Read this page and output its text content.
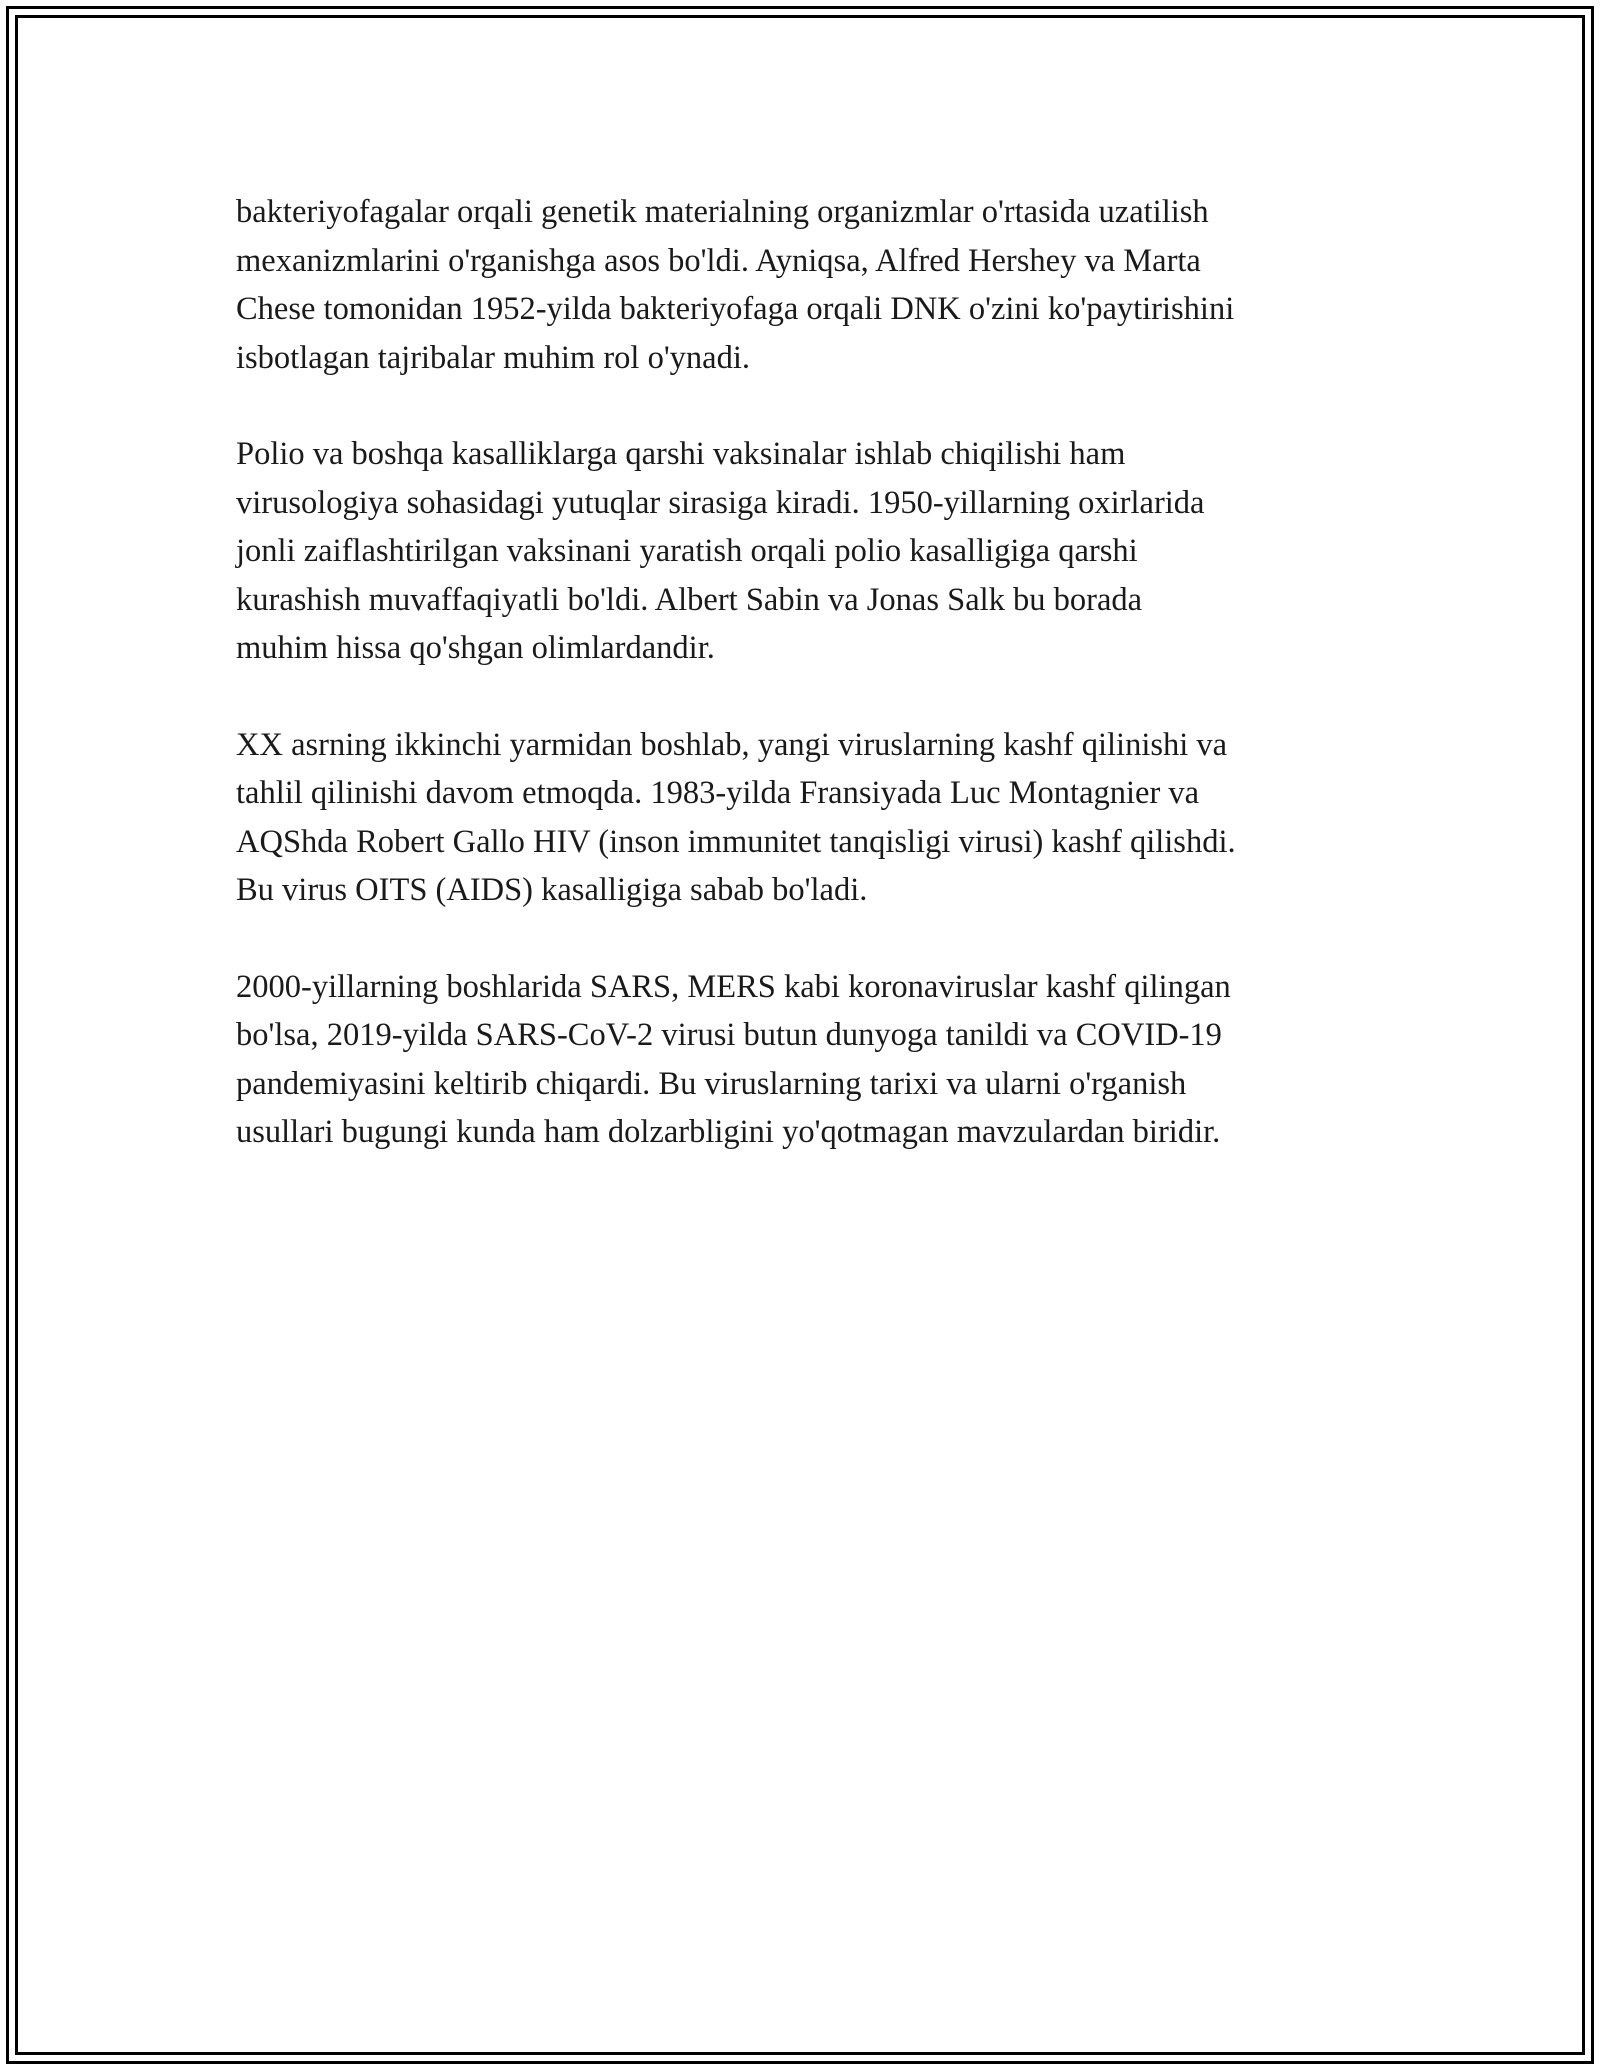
bakteriyofagalar orqali genetik materialning organizmlar o'rtasida uzatilish
mexanizmlarini o'rganishga asos bo'ldi. Ayniqsa, Alfred Hershey va Marta
Chese tomonidan 1952-yilda bakteriyofaga orqali DNK o'zini ko'paytirishini
isbotlagan tajribalar muhim rol o'ynadi.

Polio va boshqa kasalliklarga qarshi vaksinalar ishlab chiqilishi ham
virusologiya sohasidagi yutuqlar sirasiga kiradi. 1950-yillarning oxirlarida
jonli zaiflashtirilgan vaksinani yaratish orqali polio kasalligiga qarshi
kurashish muvaffaqiyatli bo'ldi. Albert Sabin va Jonas Salk bu borada
muhim hissa qo'shgan olimlardandir.

XX asrning ikkinchi yarmidan boshlab, yangi viruslarning kashf qilinishi va
tahlil qilinishi davom etmoqda. 1983-yilda Fransiyada Luc Montagnier va
AQShda Robert Gallo HIV (inson immunitet tanqisligi virusi) kashf qilishdi.
Bu virus OITS (AIDS) kasalligiga sabab bo'ladi.

2000-yillarning boshlarida SARS, MERS kabi koronaviruslar kashf qilingan
bo'lsa, 2019-yilda SARS-CoV-2 virusi butun dunyoga tanildi va COVID-19
pandemiyasini keltirib chiqardi. Bu viruslarning tarixi va ularni o'rganish
usullari bugungi kunda ham dolzarbligini yo'qotmagan mavzulardan biridir.
